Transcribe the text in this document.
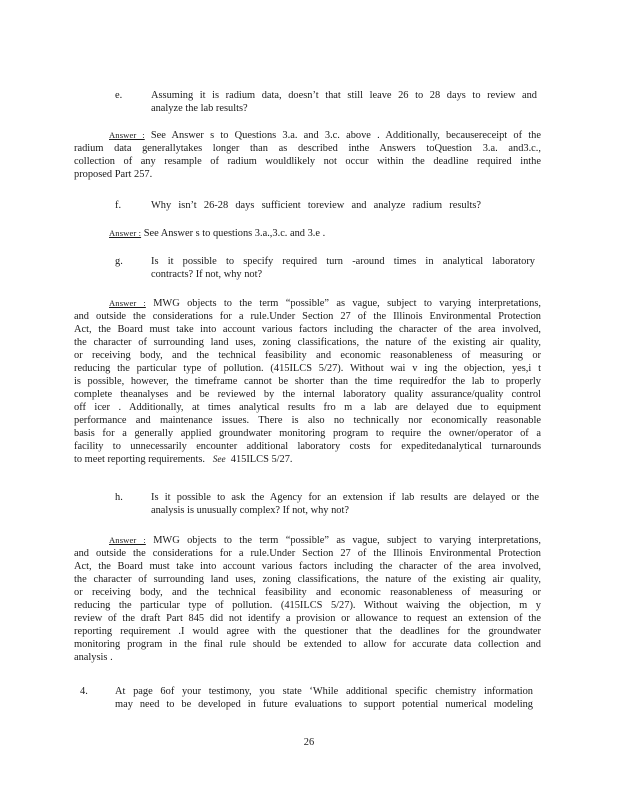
e.	Assuming it is radium data, doesn’t that still leave 26 to 28 days to review and

analyze the lab results?

Answer : See Answer s to Questions 3.a. and 3.c. above . Additionally, becausereceipt of the

radium data generallytakes longer than as described inthe Answers toQuestion 3.a. and3.c.,

collection of any resample of radium wouldlikely not occur within the deadline required inthe

proposed Part 257.

f.	Why isn’t 26-28 days sufficient toreview and analyze radium results?

Answer : See Answer s to questions 3.a.,3.c. and 3.e .

g.	Is it possible to specify required turn -around times in analytical laboratory

contracts? If not, why not?

Answer : MWG objects to the term “possible” as vague, subject to varying interpretations,

and outside the considerations for a rule.Under Section 27 of the Illinois Environmental Protection

Act, the Board must take into account various factors including the character of the area involved,

the character of surrounding land uses, zoning classifications, the nature of the existing air quality,

or receiving body, and the technical feasibility and economic reasonableness of measuring or

reducing the particular type of pollution. (415ILCS 5/27). Without wai v ing the objection, yes,i t

is possible, however, the timeframe cannot be shorter than the time requiredfor the lab to properly

complete theanalyses and be reviewed by the internal laboratory quality assurance/quality control

off icer . Additionally, at times analytical results fro m a lab are delayed due to equipment

performance and maintenance issues. There is also no technically nor economically reasonable

basis for a generally applied groundwater monitoring program to require the owner/operator of a

facility to unnecessarily encounter additional laboratory costs for expeditedanalytical turnarounds

to meet reporting requirements. See 415ILCS 5/27.

h.	Is it possible to ask the Agency for an extension if lab results are delayed or the

analysis is unusually complex? If not, why not?

Answer : MWG objects to the term “possible” as vague, subject to varying interpretations,

and outside the considerations for a rule.Under Section 27 of the Illinois Environmental Protection

Act, the Board must take into account various factors including the character of the area involved,

the character of surrounding land uses, zoning classifications, the nature of the existing air quality,

or receiving body, and the technical feasibility and economic reasonableness of measuring or

reducing the particular type of pollution. (415ILCS 5/27). Without waiving the objection, m y

review of the draft Part 845 did not identify a provision or allowance to request an extension of the

reporting requirement .I would agree with the questioner that the deadlines for the groundwater

monitoring program in the final rule should be extended to allow for accurate data collection and

analysis .

4.	At page 6of your testimony, you state ‘While additional specific chemistry information

may need to be developed in future evaluations to support potential numerical modeling

26
